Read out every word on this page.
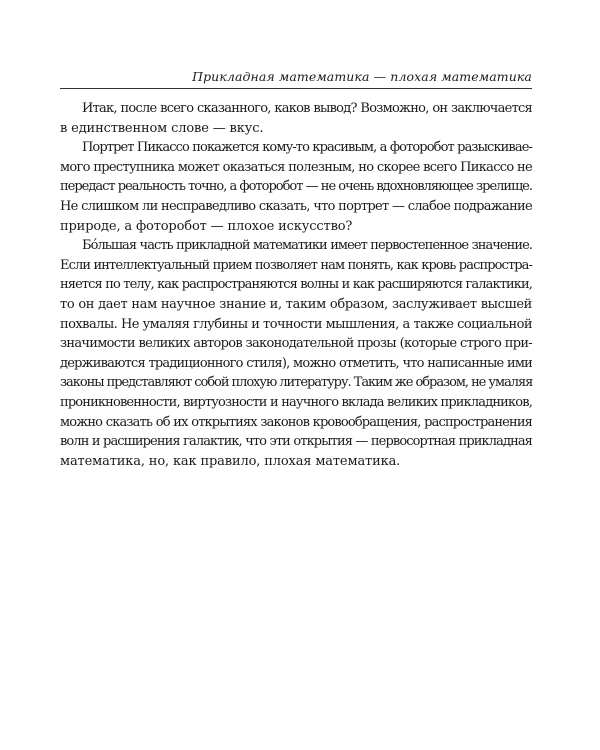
Прикладная математика — плохая математика

Итак, после всего сказанного, каков вывод? Возможно, он заключается
в единственном слове — вкус.

Портрет Пикассо покажется кому-то красивым, а фоторобот разыскивае-
мого преступника может оказаться полезным, но скорее всего Пикассо не
передаст реальность точно, а фоторобот — не очень вдохновляющее зрелище.
Не слишком ли несправедливо сказать, что портрет — слабое подражание
природе, а фоторобот — плохое искусство?

Бóльшая часть прикладной математики имеет первостепенное значение.
Если интеллектуальный прием позволяет нам понять, как кровь распростра-
няется по телу, как распространяются волны и как расширяются галактики,
то он дает нам научное знание и, таким образом, заслуживает высшей
похвалы. Не умаляя глубины и точности мышления, а также социальной
значимости великих авторов законодательной прозы (которые строго при-
держиваются традиционного стиля), можно отметить, что написанные ими
законы представляют собой плохую литературу. Таким же образом, не умаляя
проникновенности, виртуозности и научного вклада великих прикладников,
можно сказать об их открытиях законов кровообращения, распространения
волн и расширения галактик, что эти открытия — первосортная прикладная
математика, но, как правило, плохая математика.
